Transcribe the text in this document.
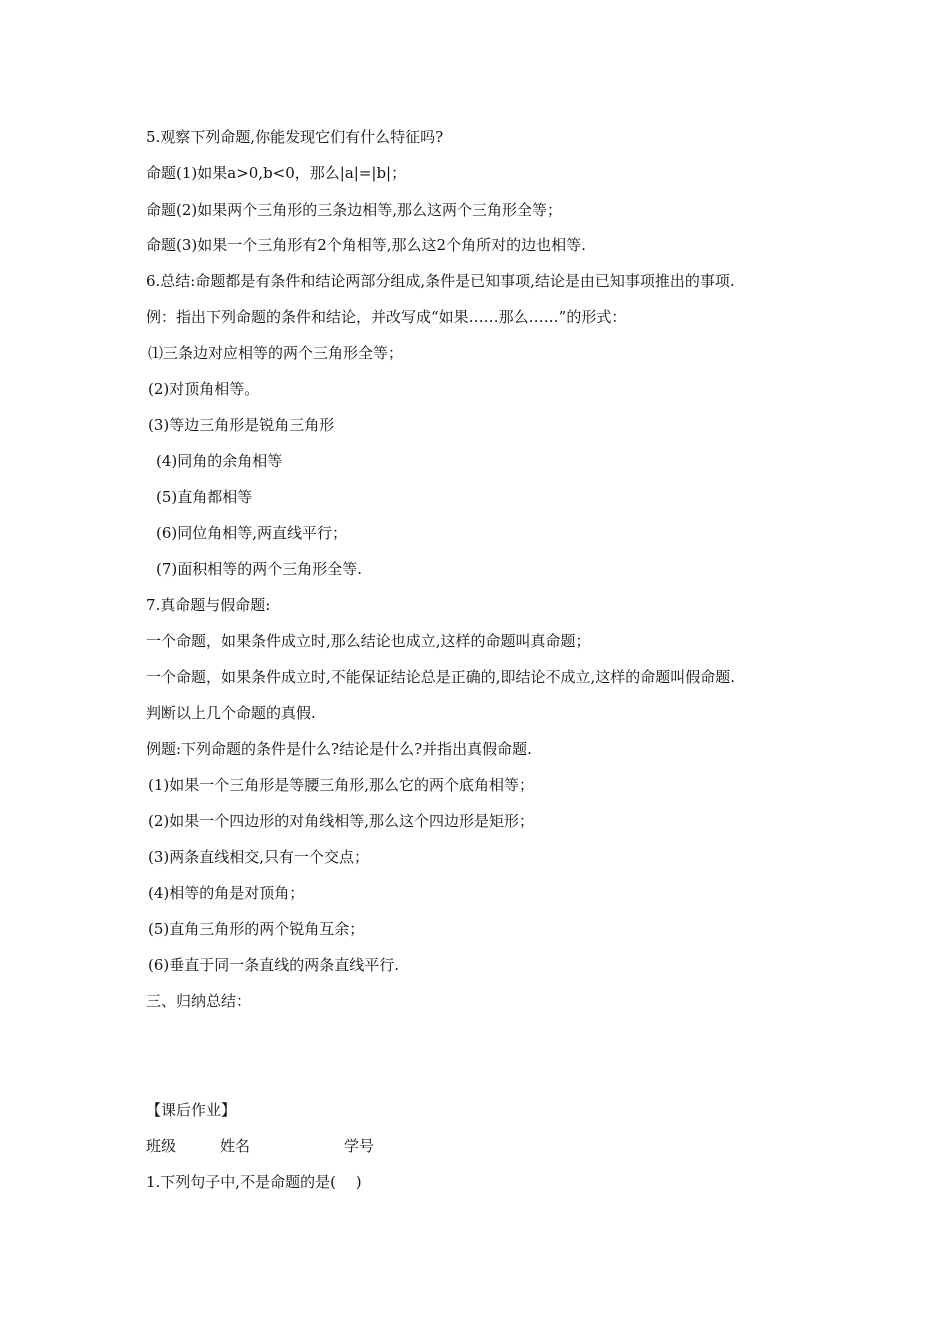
5.观察下列命题,你能发现它们有什么特征吗?
命题(1)如果a>0,b<0，那么|a|=|b|；
命题(2)如果两个三角形的三条边相等,那么这两个三角形全等；
命题(3)如果一个三角形有2个角相等,那么这2个角所对的边也相等.
6.总结:命题都是有条件和结论两部分组成,条件是已知事项,结论是由已知事项推出的事项.
例：指出下列命题的条件和结论，并改写成“如果……那么……”的形式：
⑴三条边对应相等的两个三角形全等；
(2)对顶角相等。
(3)等边三角形是锐角三角形
(4)同角的余角相等
(5)直角都相等
(6)同位角相等,两直线平行；
(7)面积相等的两个三角形全等.
7.真命题与假命题:
一个命题，如果条件成立时,那么结论也成立,这样的命题叫真命题；
一个命题，如果条件成立时,不能保证结论总是正确的,即结论不成立,这样的命题叫假命题.
判断以上几个命题的真假.
例题:下列命题的条件是什么?结论是什么?并指出真假命题.
(1)如果一个三角形是等腰三角形,那么它的两个底角相等；
(2)如果一个四边形的对角线相等,那么这个四边形是矩形；
(3)两条直线相交,只有一个交点；
(4)相等的角是对顶角；
(5)直角三角形的两个锐角互余；
(6)垂直于同一条直线的两条直线平行.
三、归纳总结：
【课后作业】
班级	姓名	学号
1.下列句子中,不是命题的是(　 )
